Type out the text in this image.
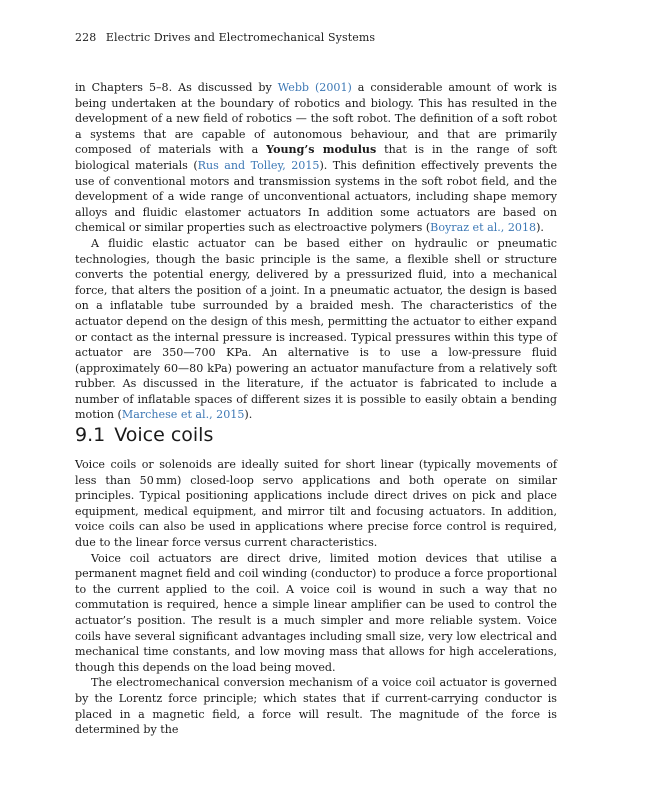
228 Electric Drives and Electromechanical Systems

in Chapters 5–8. As discussed by Webb (2001) a considerable amount of work is being undertaken at the boundary of robotics and biology. This has resulted in the development of a new field of robotics — the soft robot. The definition of a soft robot a systems that are capable of autonomous behaviour, and that are primarily composed of materials with a Young’s modulus that is in the range of soft biological materials (Rus and Tolley, 2015). This definition effectively prevents the use of conventional motors and transmission systems in the soft robot field, and the development of a wide range of unconventional actuators, including shape memory alloys and fluidic elastomer actuators In addition some actuators are based on chemical or similar properties such as electroactive polymers (Boyraz et al., 2018).

A fluidic elastic actuator can be based either on hydraulic or pneumatic technologies, though the basic principle is the same, a flexible shell or structure converts the potential energy, delivered by a pressurized fluid, into a mechanical force, that alters the position of a joint. In a pneumatic actuator, the design is based on a inflatable tube surrounded by a braided mesh. The characteristics of the actuator depend on the design of this mesh, permitting the actuator to either expand or contact as the internal pressure is increased. Typical pressures within this type of actuator are 350—700 KPa. An alternative is to use a low-pressure fluid (approximately 60—80 kPa) powering an actuator manufacture from a relatively soft rubber. As discussed in the literature, if the actuator is fabricated to include a number of inflatable spaces of different sizes it is possible to easily obtain a bending motion (Marchese et al., 2015).

9.1 Voice coils

Voice coils or solenoids are ideally suited for short linear (typically movements of less than 50 mm) closed-loop servo applications and both operate on similar principles. Typical positioning applications include direct drives on pick and place equipment, medical equipment, and mirror tilt and focusing actuators. In addition, voice coils can also be used in applications where precise force control is required, due to the linear force versus current characteristics.

Voice coil actuators are direct drive, limited motion devices that utilise a permanent magnet field and coil winding (conductor) to produce a force proportional to the current applied to the coil. A voice coil is wound in such a way that no commutation is required, hence a simple linear amplifier can be used to control the actuator’s position. The result is a much simpler and more reliable system. Voice coils have several significant advantages including small size, very low electrical and mechanical time constants, and low moving mass that allows for high accelerations, though this depends on the load being moved.

The electromechanical conversion mechanism of a voice coil actuator is governed by the Lorentz force principle; which states that if current-carrying conductor is placed in a magnetic field, a force will result. The magnitude of the force is determined by the
